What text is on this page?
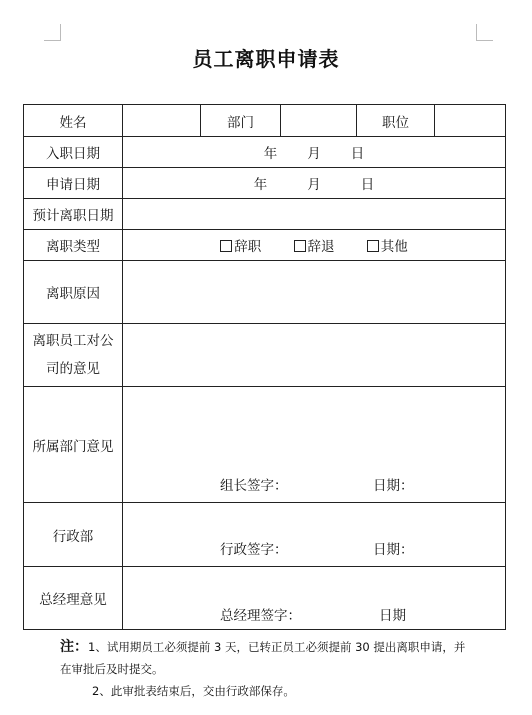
员工离职申请表
姓名		部门		职位	
入职日期	年 月 日				
申请日期	年 月 日				
预计离职日期					
离职类型	辞职 辞退 其他				
离职原因					
离职员工对公
司的意见					
所属部门意见	组长签字： 日期：				

行政部	行政签字： 日期：				

总经理意见	总经理签字： 日期				
注：1、试用期员工必须提前 3 天，已转正员工必须提前 30 提出离职申请，并
在审批后及时提交。
2、此审批表结束后，交由行政部保存。
